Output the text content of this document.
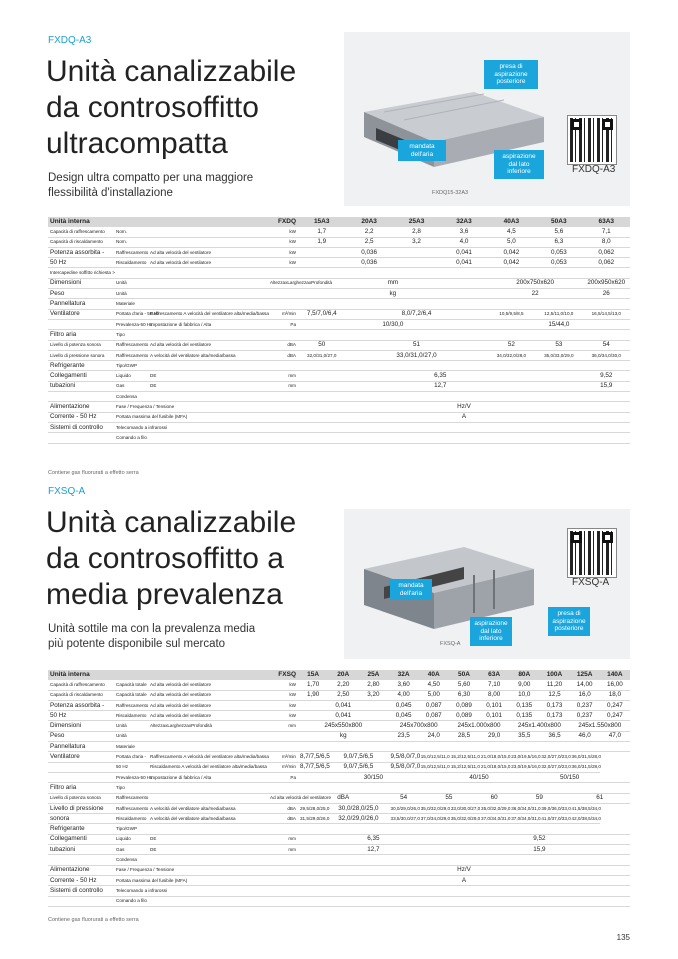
FXDQ-A3
Unità canalizzabile
da controsoffitto
ultracompatta
Design ultra compatto per una maggiore
flessibilità d'installazione
presa di aspirazione posteriore
mandata dell'aria	aspirazione dal lato inferiore
FXDQ15-32A3
FXDQ-A3
Unità interna			FXDQ	15A3	20A3	25A3	32A3	40A3	50A3	63A3
Capacità di raffrescamento	Nom.		kW	1,7	2,2	2,8	3,6	4,5	5,6	7,1
Capacità di riscaldamento	Nom.		kW	1,9	2,5	3,2	4,0	5,0	6,3	8,0
Potenza assorbita -	Raffrescamento	Ad alta velocità del ventilatore	kW	0,036			0,041	0,042	0,053	0,062
50 Hz	Riscaldamento	Ad alta velocità del ventilatore	kW	0,036			0,041	0,042	0,053	0,062
Intercapedine soffitto richiesta >										
Dimensioni	Unità		AltezzaxLarghezzaxProfondità	mm				200x750x620		200x950x620
Peso	Unità			kg				22		26
Pannellatura	Materiale									
Ventilatore	Portata d'aria - 50 Hz	Raffrescamento A velocità del ventilatore alta/media/bassa	m³/min	7,5/7,0/6,4	8,0/7,2/6,4			10,5/9,5/8,5	12,5/11,0/10,0	16,5/14,5/13,0
	Prevalenza-50 Hz	Impostazione di fabbrica / Alta	Pa	10/30,0				15/44,0		
Filtro aria	Tipo									
Livello di potenza sonora	Raffrescamento	Ad alta velocità del ventilatore	dBA	50	51			52	53	54
Livello di pressione sonora	Raffrescamento	A velocità del ventilatore alta/media/bassa	dBA	32,0/31,0/27,0	33,0/31,0/27,0			34,0/32,0/28,0	35,0/33,0/29,0	36,0/34,0/30,0
Refrigerante	Tipo/GWP									
Collegamenti	Liquido	DE	mm	6,35						9,52
tubazioni	Gas	DE	mm	12,7						15,9
	Condensa									
Alimentazione	Fase / Frequenza / Tensione			Hz/V						
Corrente - 50 Hz	Portata massima del fusibile (MFA)			A						
Sistemi di controllo	Telecomando a infrarossi									
	Comando a filo									
Contiene gas fluorurati a effetto serra
FXSQ-A
Unità canalizzabile
da controsoffitto a
media prevalenza
Unità sottile ma con la prevalenza media
più potente disponibile sul mercato
mandata dell'aria
aspirazione dal lato inferiore
presa di aspirazione posteriore
FXSQ-A
FXSQ-A
Unità interna			FXSQ	15A	20A	25A	32A	40A	50A	63A	80A	100A	125A	140A
Capacità di raffrescamento	Capacità totale	Ad alta velocità del ventilatore	kW	1,70	2,20	2,80	3,60	4,50	5,60	7,10	9,00	11,20	14,00	16,00
Capacità di riscaldamento	Capacità totale	Ad alta velocità del ventilatore	kW	1,90	2,50	3,20	4,00	5,00	6,30	8,00	10,0	12,5	16,0	18,0
Potenza assorbita -	Raffrescamento	Ad alta velocità del ventilatore	kW	0,041			0,045	0,087	0,089	0,101	0,135	0,173	0,237	0,247
50 Hz	Riscaldamento	Ad alta velocità del ventilatore	kW	0,041			0,045	0,087	0,089	0,101	0,135	0,173	0,237	0,247
Dimensioni	Unità	AltezzaxLarghezzaxProfondità	mm	245x550x800			245x700x800		245x1.000x800		245x1.400x800		245x1.550x800	
Peso	Unità			kg			23,5	24,0	28,5	29,0	35,5	36,5	46,0	47,0
Pannellatura	Materiale													
Ventilatore	Portata d'aria -	Raffrescamento A velocità del ventilatore alta/media/bassa	m³/min	8,7/7,5/6,5	9,0/7,5/6,5		9,5/8,0/7,0	15,0/12,5/11,0	15,2/12,5/11,0	21,0/18,0/15,0	23,0/19,5/16,0	32,0/27,0/23,0	36,0/31,5/28,0	
	50 Hz	Riscaldamento A velocità del ventilatore alta/media/bassa	m³/min	8,7/7,5/6,5	9,0/7,5/6,5		9,5/8,0/7,0	15,0/12,5/11,0	15,2/12,5/11,0	21,0/18,0/15,0	23,0/19,5/16,0	32,0/27,0/23,0	36,0/31,5/28,0	
	Prevalenza-50 Hz	Impostazione di fabbrica / Alta	Pa	30/150					40/150		50/150			
Filtro aria	Tipo													
Livello di potenza sonora	Raffrescamento		Ad alta velocità del ventilatore	dBA			54	55		60	59		61	
Livello di pressione	Raffrescamento	A velocità del ventilatore alta/media/bassa	dBA	29,5/28,0/25,0	30,0/28,0/25,0		30,0/29,0/26,0	35,0/32,0/29,0	33,0/30,0/27,0	35,0/32,0/29,0	36,0/34,0/31,0	39,0/36,0/33,0	41,5/38,5/34,0	
sonora	Riscaldamento	A velocità del ventilatore alta/media/bassa	dBA	31,5/29,0/26,0	32,0/29,0/26,0		33,5/30,0/27,0	37,0/34,0/29,0	35,0/32,0/29,0	37,0/34,0/31,0	37,0/34,0/31,0	41,0/37,0/33,0	42,0/38,5/34,0	
Refrigerante	Tipo/GWP													
Collegamenti	Liquido	DE	mm	6,35					9,52					
tubazioni	Gas	DE	mm	12,7					15,9					
	Condensa													
Alimentazione	Fase / Frequenza / Tensione			Hz/V										
Corrente - 50 Hz	Portata massima del fusibile (MFA)			A										
Sistemi di controllo	Telecomando a infrarossi													
	Comando a filo													
Contiene gas fluorurati a effetto serra
135
